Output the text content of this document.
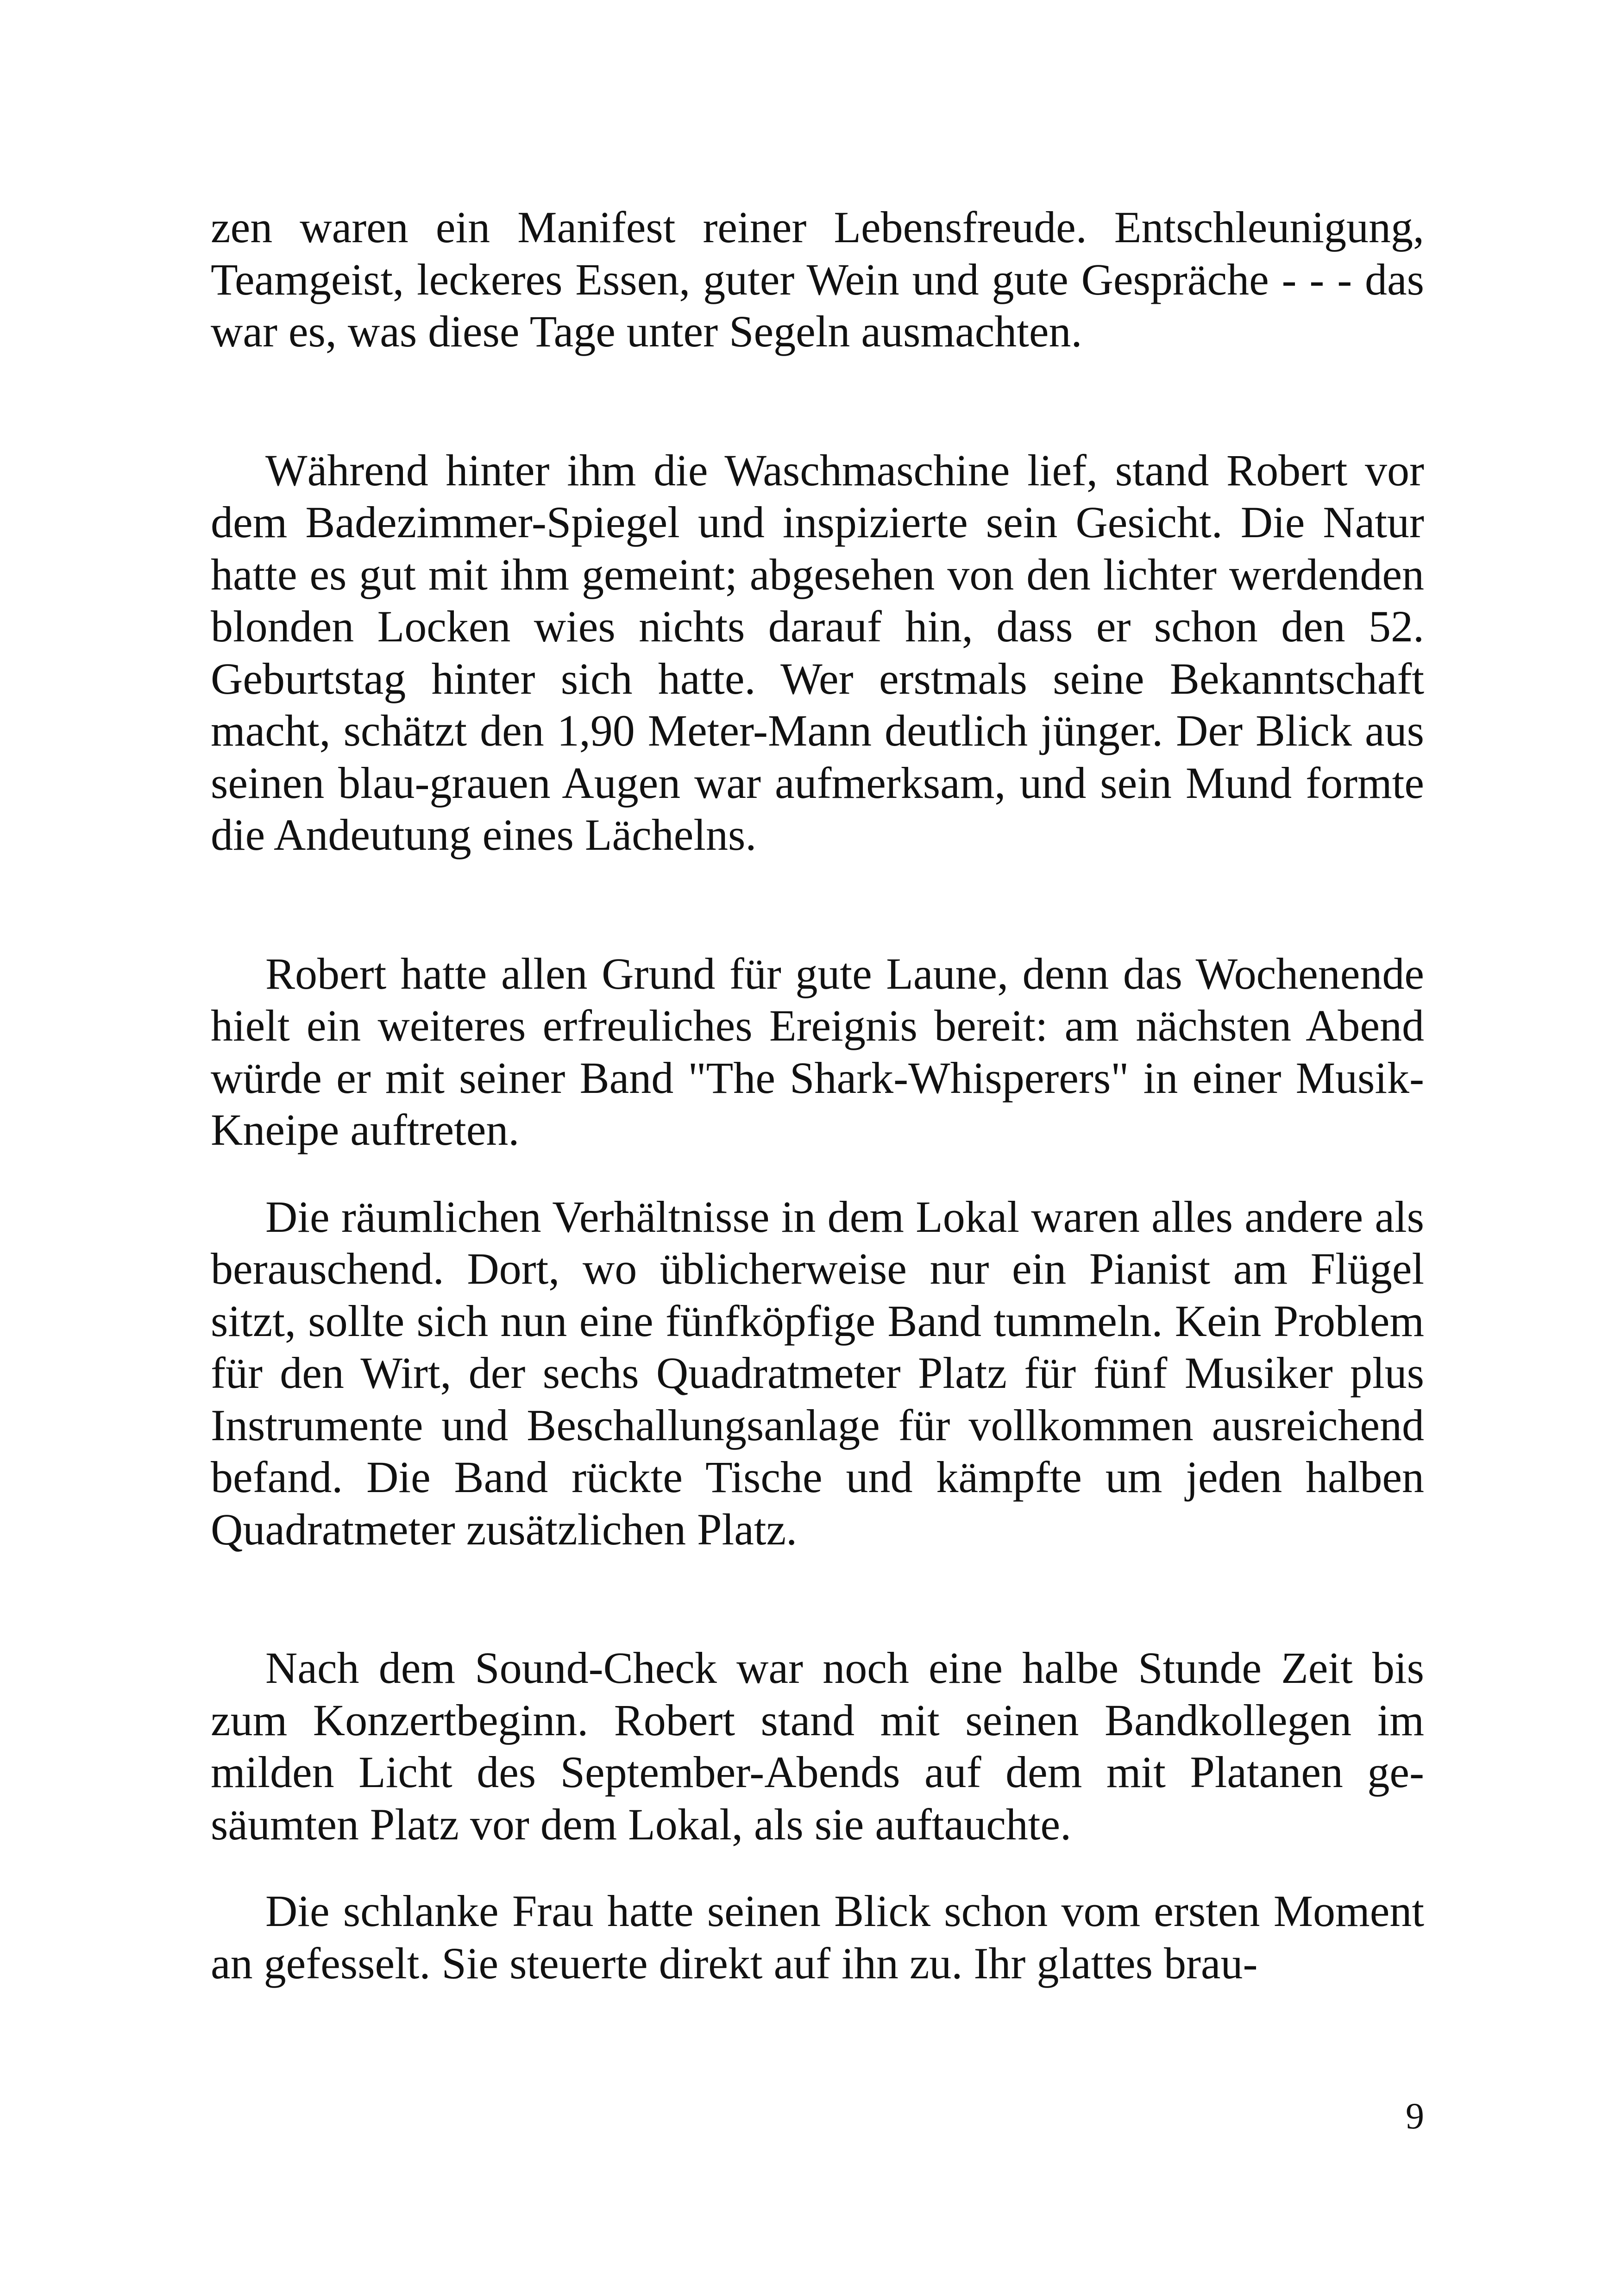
zen waren ein Manifest reiner Lebensfreude. Entschleunigung, Teamgeist, leckeres Essen, guter Wein und gute Gespräche - - - das war es, was diese Tage unter Segeln ausmachten.

Während hinter ihm die Waschmaschine lief, stand Robert vor dem Badezimmer-Spiegel und inspizierte sein Gesicht. Die Natur hatte es gut mit ihm gemeint; abgesehen von den lichter werdenden blonden Locken wies nichts darauf hin, dass er schon den 52. Geburtstag hinter sich hatte. Wer erstmals seine Bekanntschaft macht, schätzt den 1,90 Meter-Mann deutlich jünger. Der Blick aus seinen blau-grauen Augen war aufmerksam, und sein Mund formte die Andeutung eines Lächelns.

Robert hatte allen Grund für gute Laune, denn das Wochenende hielt ein weiteres erfreuliches Ereignis bereit: am nächsten Abend würde er mit seiner Band "The Shark-Whisperers" in einer Musik-Kneipe auftreten.

Die räumlichen Verhältnisse in dem Lokal waren alles andere als berauschend. Dort, wo üblicherweise nur ein Pianist am Flügel sitzt, sollte sich nun eine fünfköpfige Band tummeln. Kein Problem für den Wirt, der sechs Quadratmeter Platz für fünf Musiker plus Instrumente und Beschallungsanlage für vollkommen ausreichend befand. Die Band rückte Tische und kämpfte um jeden halben Quadratmeter zusätzlichen Platz.

Nach dem Sound-Check war noch eine halbe Stunde Zeit bis zum Konzertbeginn. Robert stand mit seinen Bandkollegen im milden Licht des September-Abends auf dem mit Platanen gesäumten Platz vor dem Lokal, als sie auftauchte.

Die schlanke Frau hatte seinen Blick schon vom ersten Moment an gefesselt. Sie steuerte direkt auf ihn zu. Ihr glattes brau-

9
